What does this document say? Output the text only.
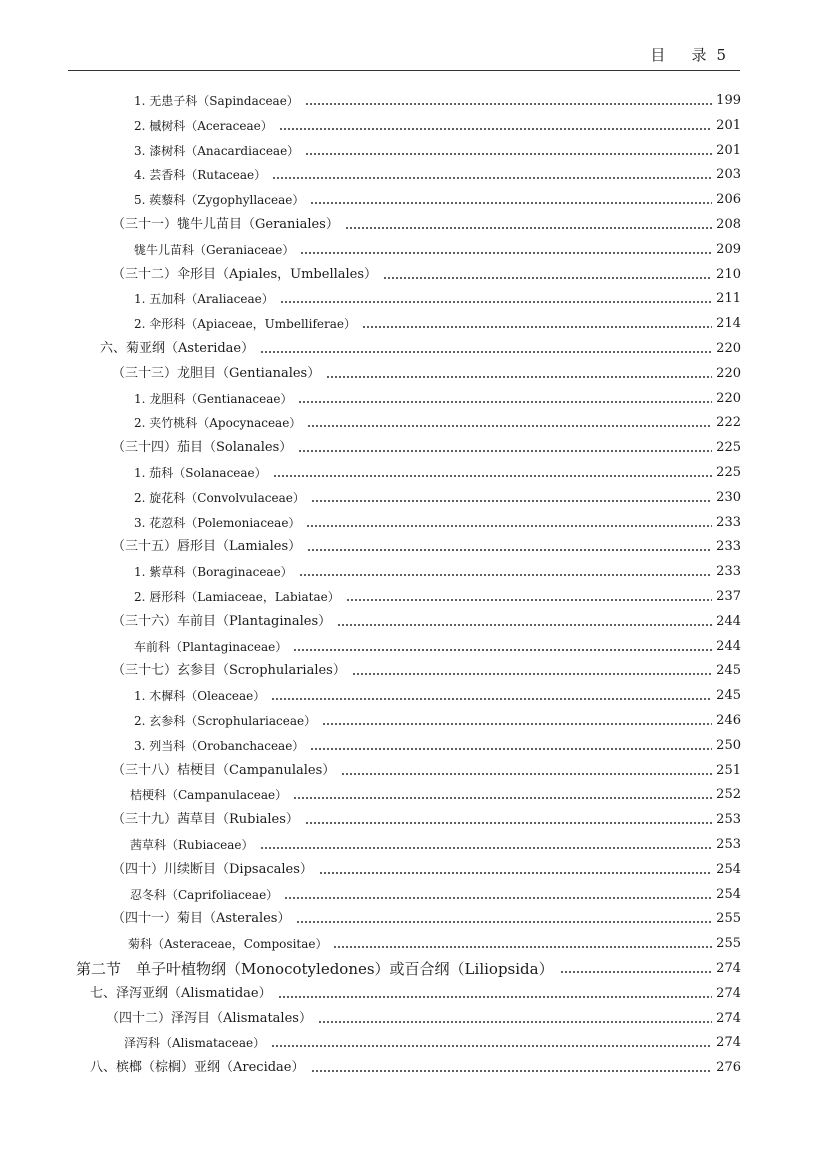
目 录 5
1. 无患子科（Sapindaceae）	199
2. 槭树科（Aceraceae）	201
3. 漆树科（Anacardiaceae）	201
4. 芸香科（Rutaceae）	203
5. 蒺藜科（Zygophyllaceae）	206
（三十一）牻牛儿苗目（Geraniales）	208
牻牛儿苗科（Geraniaceae）	209
（三十二）伞形目（Apiales，Umbellales）	210
1. 五加科（Araliaceae）	211
2. 伞形科（Apiaceae，Umbelliferae）	214
六、菊亚纲（Asteridae）	220
（三十三）龙胆目（Gentianales）	220
1. 龙胆科（Gentianaceae）	220
2. 夹竹桃科（Apocynaceae）	222
（三十四）茄目（Solanales）	225
1. 茄科（Solanaceae）	225
2. 旋花科（Convolvulaceae）	230
3. 花荵科（Polemoniaceae）	233
（三十五）唇形目（Lamiales）	233
1. 紫草科（Boraginaceae）	233
2. 唇形科（Lamiaceae，Labiatae）	237
（三十六）车前目（Plantaginales）	244
车前科（Plantaginaceae）	244
（三十七）玄参目（Scrophulariales）	245
1. 木樨科（Oleaceae）	245
2. 玄参科（Scrophulariaceae）	246
3. 列当科（Orobanchaceae）	250
（三十八）桔梗目（Campanulales）	251
桔梗科（Campanulaceae）	252
（三十九）茜草目（Rubiales）	253
茜草科（Rubiaceae）	253
（四十）川续断目（Dipsacales）	254
忍冬科（Caprifoliaceae）	254
（四十一）菊目（Asterales）	255
菊科（Asteraceae，Compositae）	255
第二节　单子叶植物纲（Monocotyledones）或百合纲（Liliopsida）	274
七、泽泻亚纲（Alismatidae）	274
（四十二）泽泻目（Alismatales）	274
泽泻科（Alismataceae）	274
八、槟榔（棕榈）亚纲（Arecidae）	276
